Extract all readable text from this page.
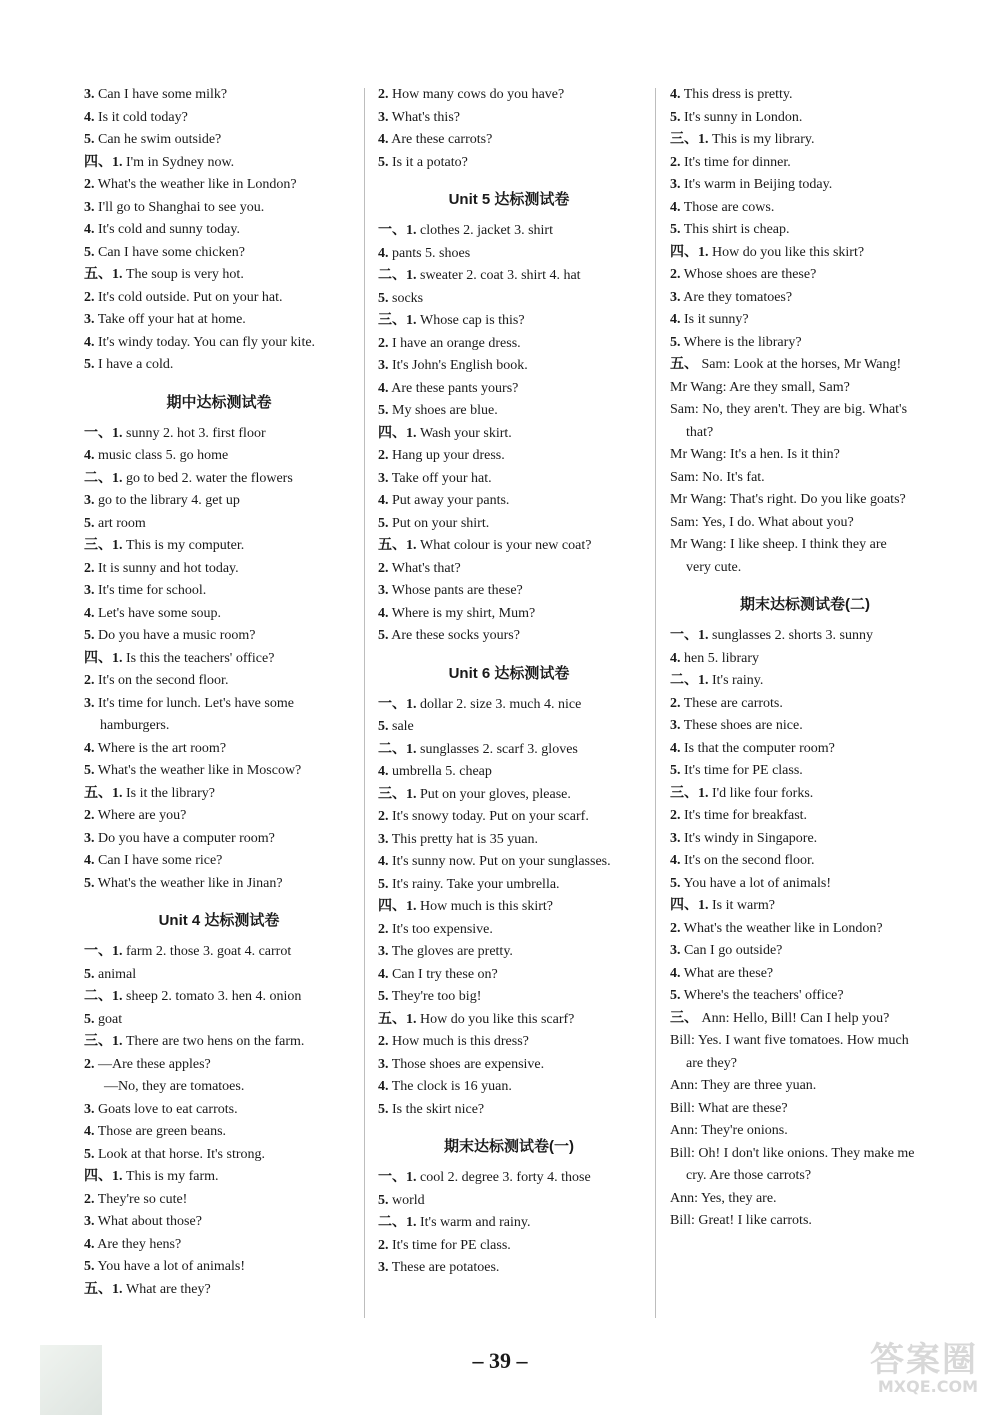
3. Can I have some milk?
4. Is it cold today?
5. Can he swim outside?
四、1. I'm in Sydney now.
2. What's the weather like in London?
3. I'll go to Shanghai to see you.
4. It's cold and sunny today.
5. Can I have some chicken?
五、1. The soup is very hot.
2. It's cold outside. Put on your hat.
3. Take off your hat at home.
4. It's windy today. You can fly your kite.
5. I have a cold.
期中达标测试卷
一、1. sunny 2. hot 3. first floor
4. music class 5. go home
二、1. go to bed 2. water the flowers
3. go to the library 4. get up
5. art room
三、1. This is my computer.
2. It is sunny and hot today.
3. It's time for school.
4. Let's have some soup.
5. Do you have a music room?
四、1. Is this the teachers' office?
2. It's on the second floor.
3. It's time for lunch. Let's have some
hamburgers.
4. Where is the art room?
5. What's the weather like in Moscow?
五、1. Is it the library?
2. Where are you?
3. Do you have a computer room?
4. Can I have some rice?
5. What's the weather like in Jinan?
Unit 4 达标测试卷
一、1. farm 2. those 3. goat 4. carrot
5. animal
二、1. sheep 2. tomato 3. hen 4. onion
5. goat
三、1. There are two hens on the farm.
2. —Are these apples?
—No, they are tomatoes.
3. Goats love to eat carrots.
4. Those are green beans.
5. Look at that horse. It's strong.
四、1. This is my farm.
2. They're so cute!
3. What about those?
4. Are they hens?
5. You have a lot of animals!
五、1. What are they?
2. How many cows do you have?
3. What's this?
4. Are these carrots?
5. Is it a potato?
Unit 5 达标测试卷
一、1. clothes 2. jacket 3. shirt
4. pants 5. shoes
二、1. sweater 2. coat 3. shirt 4. hat
5. socks
三、1. Whose cap is this?
2. I have an orange dress.
3. It's John's English book.
4. Are these pants yours?
5. My shoes are blue.
四、1. Wash your skirt.
2. Hang up your dress.
3. Take off your hat.
4. Put away your pants.
5. Put on your shirt.
五、1. What colour is your new coat?
2. What's that?
3. Whose pants are these?
4. Where is my shirt, Mum?
5. Are these socks yours?
Unit 6 达标测试卷
一、1. dollar 2. size 3. much 4. nice
5. sale
二、1. sunglasses 2. scarf 3. gloves
4. umbrella 5. cheap
三、1. Put on your gloves, please.
2. It's snowy today. Put on your scarf.
3. This pretty hat is 35 yuan.
4. It's sunny now. Put on your sunglasses.
5. It's rainy. Take your umbrella.
四、1. How much is this skirt?
2. It's too expensive.
3. The gloves are pretty.
4. Can I try these on?
5. They're too big!
五、1. How do you like this scarf?
2. How much is this dress?
3. Those shoes are expensive.
4. The clock is 16 yuan.
5. Is the skirt nice?
期末达标测试卷(一)
一、1. cool 2. degree 3. forty 4. those
5. world
二、1. It's warm and rainy.
2. It's time for PE class.
3. These are potatoes.
4. This dress is pretty.
5. It's sunny in London.
三、1. This is my library.
2. It's time for dinner.
3. It's warm in Beijing today.
4. Those are cows.
5. This shirt is cheap.
四、1. How do you like this skirt?
2. Whose shoes are these?
3. Are they tomatoes?
4. Is it sunny?
5. Where is the library?
五、 Sam: Look at the horses, Mr Wang!
Mr Wang: Are they small, Sam?
Sam: No, they aren't. They are big. What's
that?
Mr Wang: It's a hen. Is it thin?
Sam: No. It's fat.
Mr Wang: That's right. Do you like goats?
Sam: Yes, I do. What about you?
Mr Wang: I like sheep. I think they are
very cute.
期末达标测试卷(二)
一、1. sunglasses 2. shorts 3. sunny
4. hen 5. library
二、1. It's rainy.
2. These are carrots.
3. These shoes are nice.
4. Is that the computer room?
5. It's time for PE class.
三、1. I'd like four forks.
2. It's time for breakfast.
3. It's windy in Singapore.
4. It's on the second floor.
5. You have a lot of animals!
四、1. Is it warm?
2. What's the weather like in London?
3. Can I go outside?
4. What are these?
5. Where's the teachers' office?
三、 Ann: Hello, Bill! Can I help you?
Bill: Yes. I want five tomatoes. How much
are they?
Ann: They are three yuan.
Bill: What are these?
Ann: They're onions.
Bill: Oh! I don't like onions. They make me
cry. Are those carrots?
Ann: Yes, they are.
Bill: Great! I like carrots.
– 39 –	答案圈
MXQE.COM
